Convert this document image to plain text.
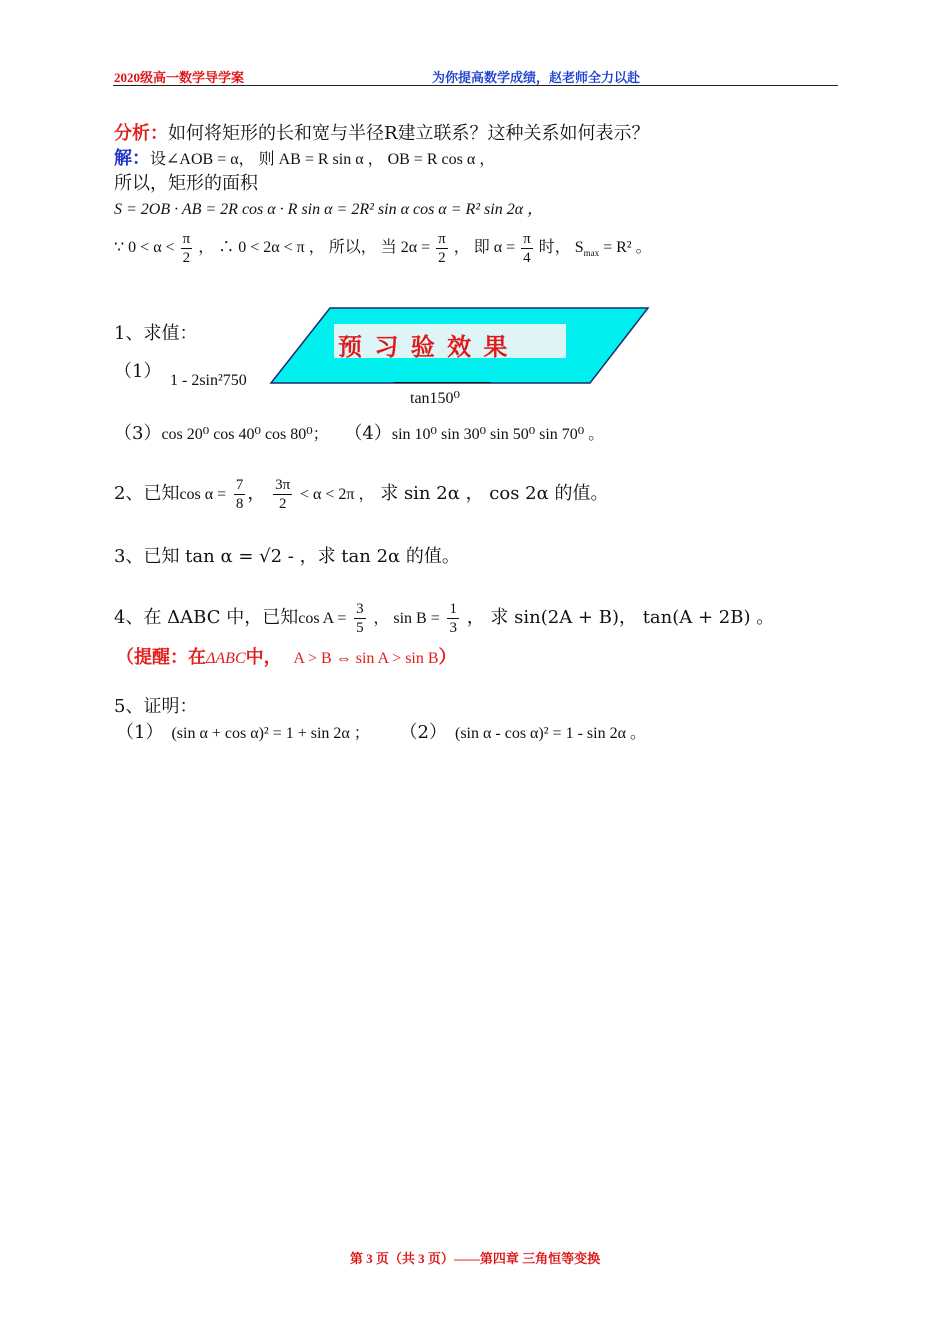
2020级高一数学导学案	为你提高数学成绩，赵老师全力以赴
分析：如何将矩形的长和宽与半径R建立联系？这种关系如何表示？
解：设∠AOB = α， 则 AB = R sin α ， OB = R cos α ，
所以，矩形的面积
S = 2OB · AB = 2R cos α · R sin α = 2R² sin α cos α = R² sin 2α ，
∵ $0 < \alpha < \frac{\pi}{2}$ ， ∴ 0 < 2α < π ， 所以， 当 $2\alpha = \frac{\pi}{2}$ ， 即 $\alpha = \frac{\pi}{4}$ 时， $S_{max} = R^2$ 。
预 习 验 效 果
1、求值：
（1） 1 - 2sin²750
tan150⁰
（3）cos 20⁰ cos 40⁰ cos 80⁰； （4）sin 10⁰ sin 30⁰ sin 50⁰ sin 70⁰ 。
2、已知$\cos \alpha = \frac{7}{8}$ ， $\frac{3\pi}{2} < \alpha < 2\pi$ ， 求 sin 2α ， cos 2α 的值。
3、已知 tan α = √2 - ，求 tan 2α 的值。
4、在 ΔABC 中，已知$\cos A = \frac{3}{5}$ ， $\sin B = \frac{1}{3}$ ， 求 sin(2A + B)， tan(A + 2B) 。
（提醒：在ΔABC中， A > B ⇔ sin A > sin B）
5、证明：
（1） (sin α + cos α)² = 1 + sin 2α ； （2） (sin α - cos α)² = 1 - sin 2α 。
第 3 页（共 3 页）——第四章 三角恒等变换
